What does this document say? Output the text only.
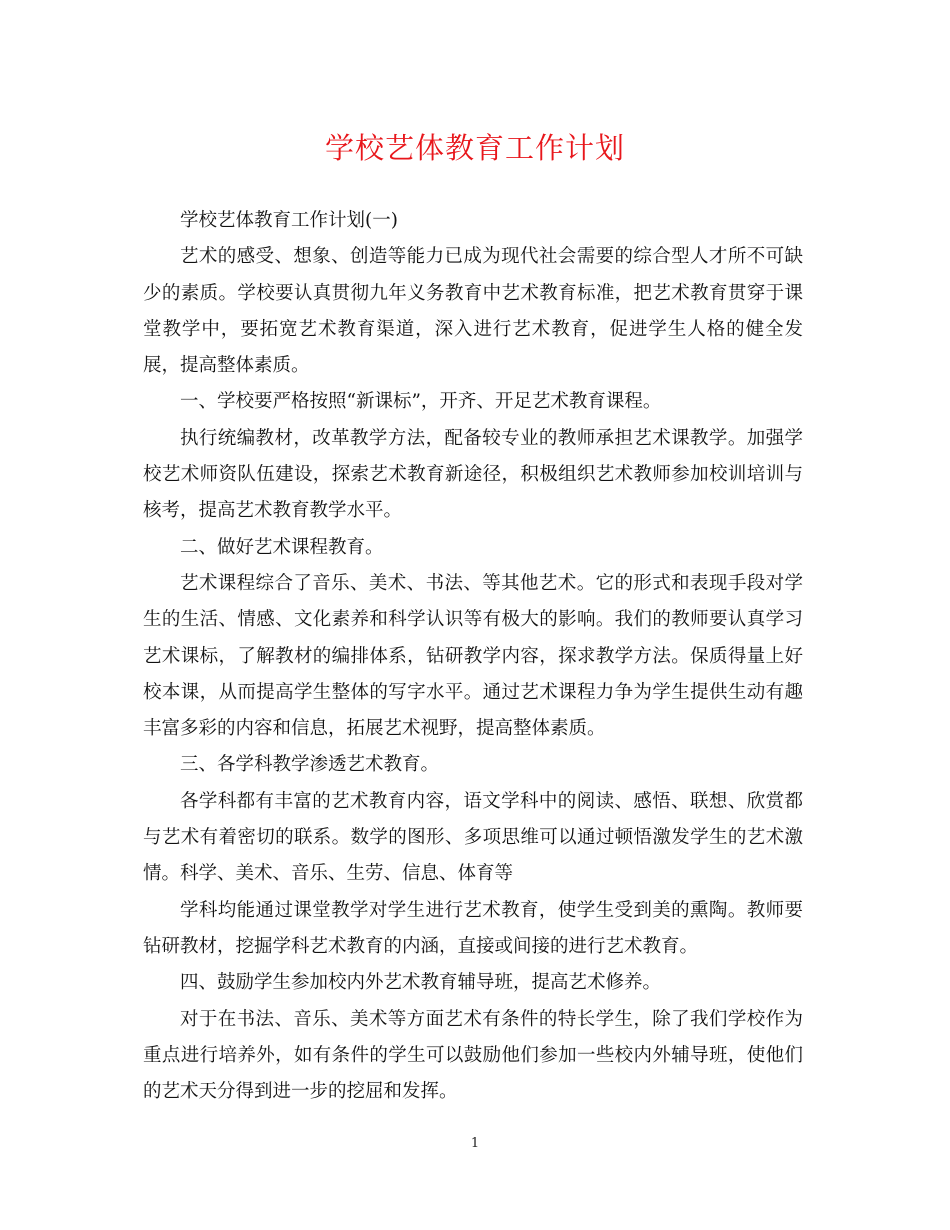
学校艺体教育工作计划

学校艺体教育工作计划(一)

艺术的感受、想象、创造等能力已成为现代社会需要的综合型人才所不可缺少的素质。学校要认真贯彻九年义务教育中艺术教育标准，把艺术教育贯穿于课堂教学中，要拓宽艺术教育渠道，深入进行艺术教育，促进学生人格的健全发展，提高整体素质。

一、学校要严格按照“新课标”，开齐、开足艺术教育课程。

执行统编教材，改革教学方法，配备较专业的教师承担艺术课教学。加强学校艺术师资队伍建设，探索艺术教育新途径，积极组织艺术教师参加校训培训与核考，提高艺术教育教学水平。

二、做好艺术课程教育。

艺术课程综合了音乐、美术、书法、等其他艺术。它的形式和表现手段对学生的生活、情感、文化素养和科学认识等有极大的影响。我们的教师要认真学习艺术课标，了解教材的编排体系，钻研教学内容，探求教学方法。保质得量上好校本课，从而提高学生整体的写字水平。通过艺术课程力争为学生提供生动有趣丰富多彩的内容和信息，拓展艺术视野，提高整体素质。

三、各学科教学渗透艺术教育。

各学科都有丰富的艺术教育内容，语文学科中的阅读、感悟、联想、欣赏都与艺术有着密切的联系。数学的图形、多项思维可以通过顿悟激发学生的艺术激情。科学、美术、音乐、生劳、信息、体育等

学科均能通过课堂教学对学生进行艺术教育，使学生受到美的熏陶。教师要钻研教材，挖掘学科艺术教育的内涵，直接或间接的进行艺术教育。

四、鼓励学生参加校内外艺术教育辅导班，提高艺术修养。

对于在书法、音乐、美术等方面艺术有条件的特长学生，除了我们学校作为重点进行培养外，如有条件的学生可以鼓励他们参加一些校内外辅导班，使他们的艺术天分得到进一步的挖屈和发挥。

1
